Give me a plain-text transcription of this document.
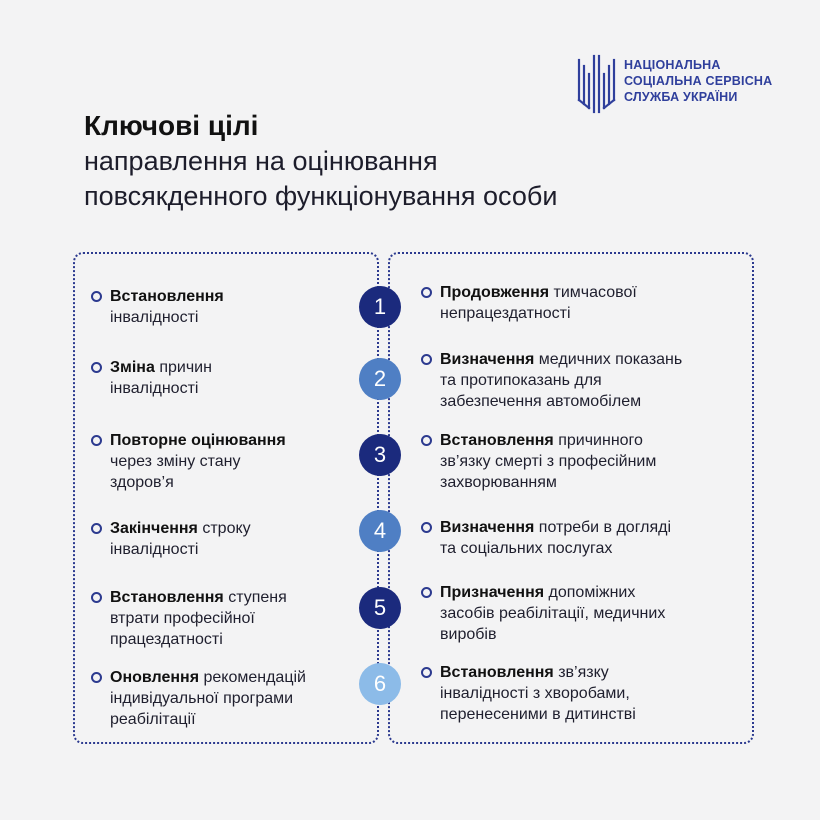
НАЦІОНАЛЬНА
СОЦІАЛЬНА СЕРВІСНА
СЛУЖБА УКРАЇНИ
Ключові цілі
направлення на оцінювання
повсякденного функціонування особи
Встановлення
інвалідності
Зміна причин
інвалідності
Повторне оцінювання
через зміну стану
здоров’я
Закінчення строку
інвалідності
Встановлення ступеня
втрати професійної
працездатності
Оновлення рекомендацій
індивідуальної програми
реабілітації
Продовження тимчасової
непрацездатності
Визначення медичних показань
та протипоказань для
забезпечення автомобілем
Встановлення причинного
зв’язку смерті з професійним
захворюванням
Визначення потреби в догляді
та соціальних послугах
Призначення допоміжних
засобів реабілітації, медичних
виробів
Встановлення зв’язку
інвалідності з хворобами,
перенесеними в дитинстві
1
2
3
4
5
6
